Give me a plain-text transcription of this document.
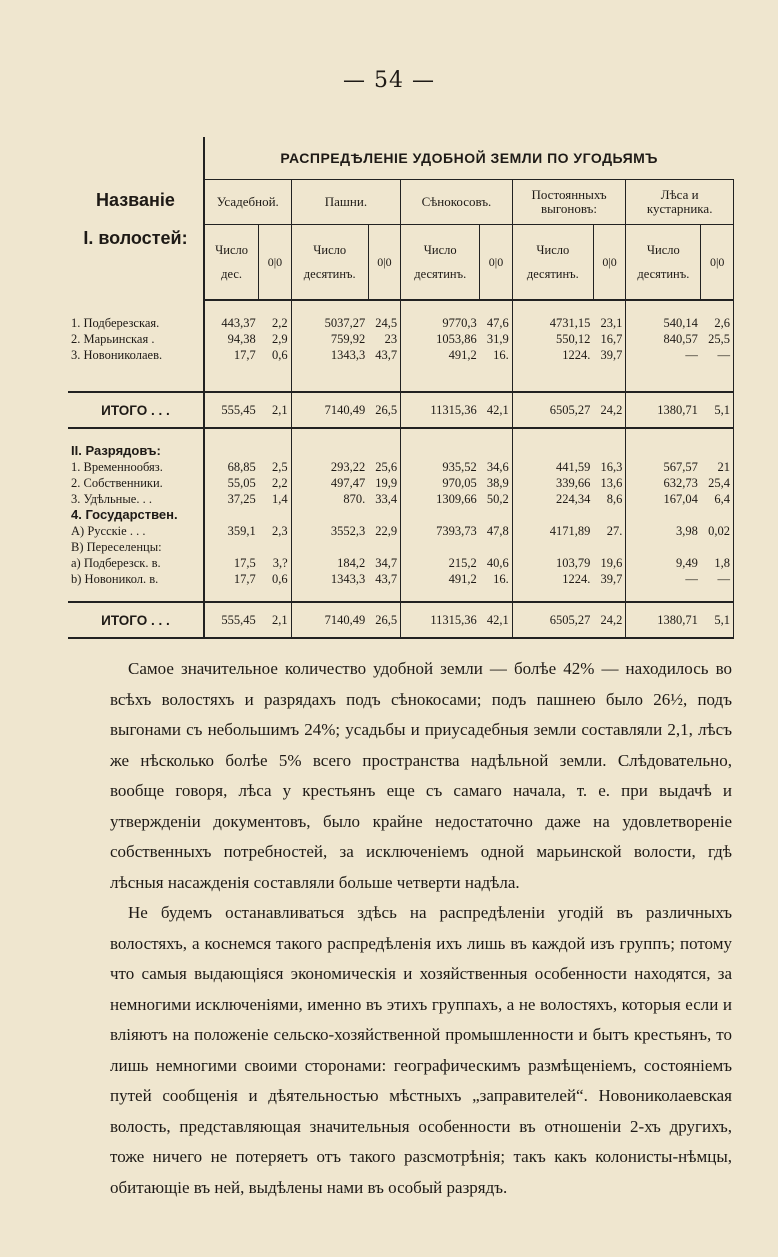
— 54 —
Названіе
I. волостей:	РАСПРЕДѢЛЕНІЕ УДОБНОЙ ЗЕМЛИ ПО УГОДЬЯМЪ									
	Усадебной.		Пашни.		Сѣнокосовъ.		Постоянныхъ выгоновъ:		Лѣса и кустарника.	
	Число дес.	0|0	Число десятинъ.	0|0	Число десятинъ.	0|0	Число десятинъ.	0|0	Число десятинъ.	0|0

1. Подберезская.	443,37	2,2	5037,27	24,5	9770,3	47,6	4731,15	23,1	540,14	2,6
2. Марьинская .	94,38	2,9	759,92	23	1053,86	31,9	550,12	16,7	840,57	25,5
3. Новониколаев.	17,7	0,6	1343,3	43,7	491,2	16.	1224.	39,7	—	—

ИТОГО . . .	555,45	2,1	7140,49	26,5	11315,36	42,1	6505,27	24,2	1380,71	5,1

II. Разрядовъ:										
1. Временнообяз.	68,85	2,5	293,22	25,6	935,52	34,6	441,59	16,3	567,57	21
2. Собственники.	55,05	2,2	497,47	19,9	970,05	38,9	339,66	13,6	632,73	25,4
3. Удѣльные. . .	37,25	1,4	870.	33,4	1309,66	50,2	224,34	8,6	167,04	6,4
4. Государствен.										
A) Русскіе . . .	359,1	2,3	3552,3	22,9	7393,73	47,8	4171,89	27.	3,98	0,02
B) Переселенцы:										
a) Подберезск. в.	17,5	3,?	184,2	34,7	215,2	40,6	103,79	19,6	9,49	1,8
b) Новоникол. в.	17,7	0,6	1343,3	43,7	491,2	16.	1224.	39,7	—	—

ИТОГО . . .	555,45	2,1	7140,49	26,5	11315,36	42,1	6505,27	24,2	1380,71	5,1

Самое значительное количество удобной земли — болѣе 42% — находилось во всѣхъ волостяхъ и разрядахъ подъ сѣнокосами; подъ пашнею было 26½, подъ выгонами съ небольшимъ 24%; усадьбы и приусадебныя земли составляли 2,1, лѣсъ же нѣсколько болѣе 5% всего пространства надѣльной земли. Слѣдовательно, вообще говоря, лѣса у крестьянъ еще съ самаго начала, т. е. при выдачѣ и утвержденіи документовъ, было крайне недостаточно даже на удовлетвореніе собственныхъ потребностей, за исключеніемъ одной марьинской волости, гдѣ лѣсныя насажденія составляли больше четверти надѣла.

Не будемъ останавливаться здѣсь на распредѣленіи угодій въ различныхъ волостяхъ, а коснемся такого распредѣленія ихъ лишь въ каждой изъ группъ; потому что самыя выдающіяся экономическія и хозяйственныя особенности находятся, за немногими исключеніями, именно въ этихъ группахъ, а не волостяхъ, которыя если и вліяютъ на положеніе сельско-хозяйственной промышленности и бытъ крестьянъ, то лишь немногими своими сторонами: географическимъ размѣщеніемъ, состояніемъ путей сообщенія и дѣятельностью мѣстныхъ „заправителей“. Новониколаевская волость, представляющая значительныя особенности въ отношеніи 2-хъ другихъ, тоже ничего не потеряетъ отъ такого разсмотрѣнія; такъ какъ колонисты-нѣмцы, обитающіе въ ней, выдѣлены нами въ особый разрядъ.
